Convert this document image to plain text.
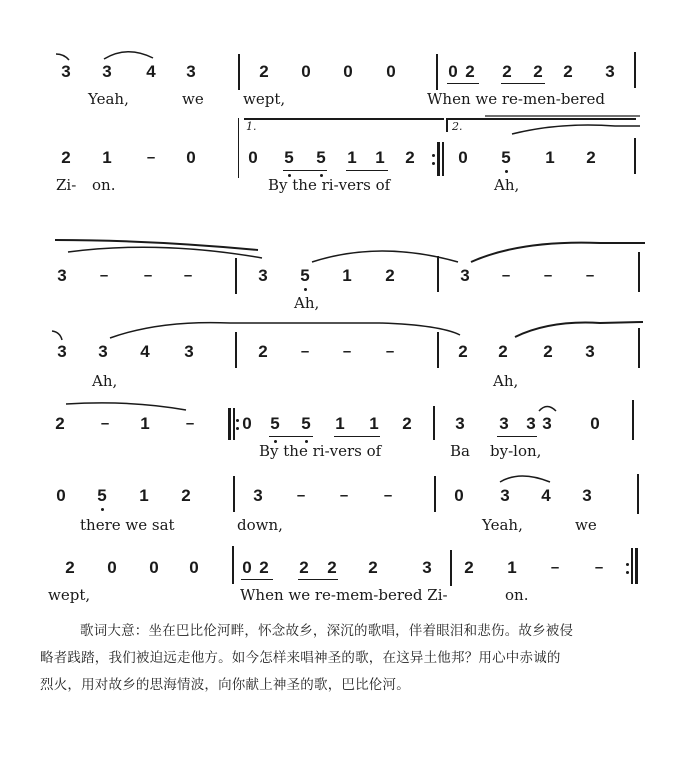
3 3 4 3	2 0 0 0	0 2 2 2 2 3
Yeah,	we	wept,	When we re-men-bered
2 1 – 0
1.
0 5 5 1 1 2
2.
0 5 1 2
Zi- on.	By the ri-vers of	Ah,
3 – – –	3 5 1 2	3 – – –
Ah,
3 3 4 3	2 – – –	2 2 2 3
Ah,	Ah,
2 – 1 –	0 5 5 1 1 2	3 3 3 3 0
By the ri-vers of	Ba by-lon,
0 5 1 2	3 – – –	0 3 4 3
there we sat	down,	Yeah,	we
2 0 0 0	0 2 2 2 2	3 2 1 – –
wept,	When we re-mem-bered Zi-	on.
歌词大意：坐在巴比伦河畔，怀念故乡，深沉的歌唱，伴着眼泪和悲伤。故乡被侵
略者践踏，我们被迫远走他方。如今怎样来唱神圣的歌，在这异土他邦？用心中赤诚的
烈火，用对故乡的思海情波，向你献上神圣的歌，巴比伦河。
